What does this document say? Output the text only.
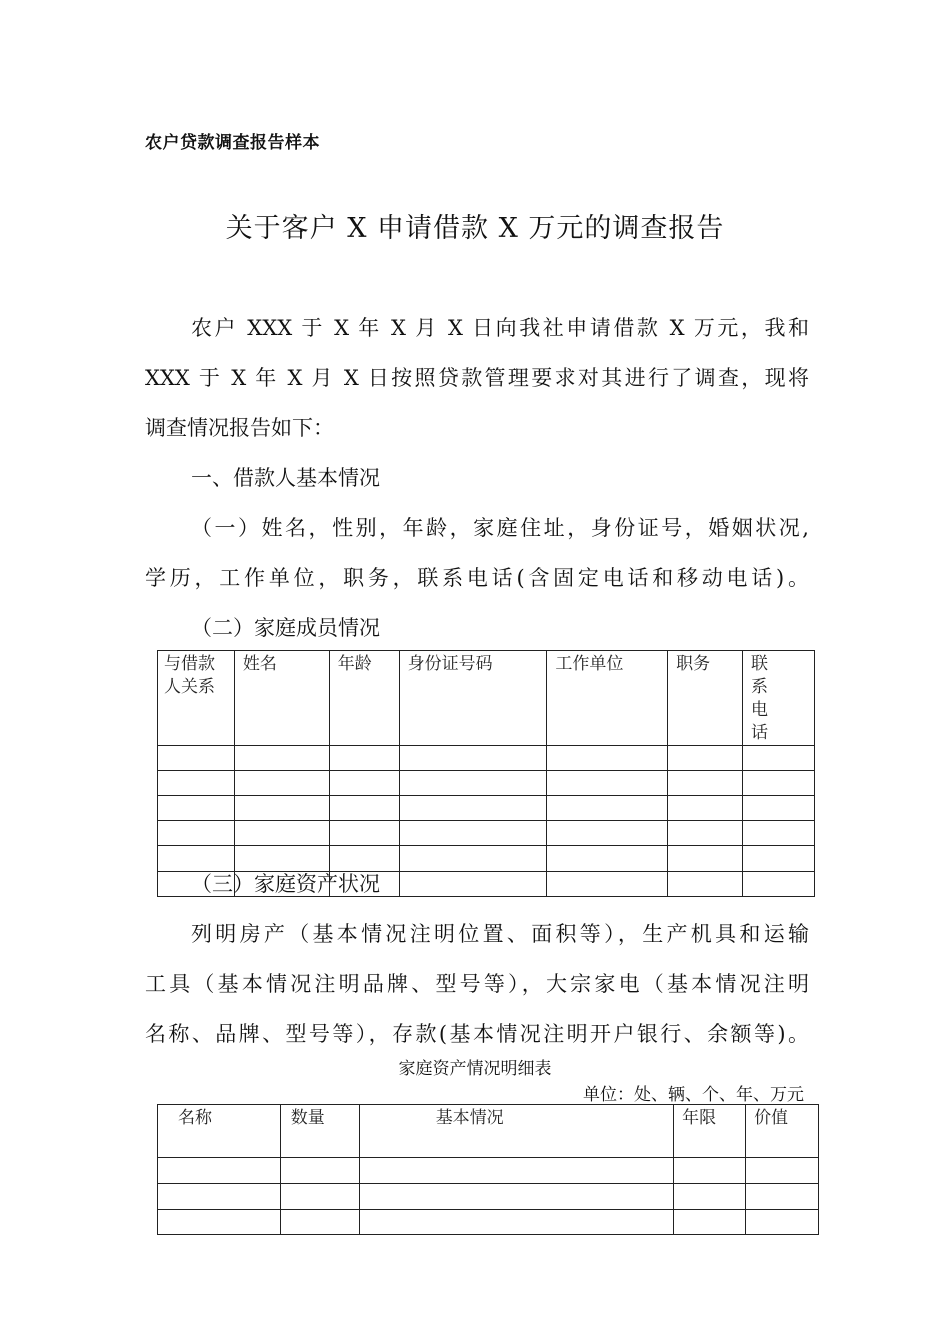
农户贷款调查报告样本
关于客户 X 申请借款 X 万元的调查报告

农户 XXX 于 X 年 X 月 X 日向我社申请借款 X 万元，我和

XXX 于 X 年 X 月 X 日按照贷款管理要求对其进行了调查，现将

调查情况报告如下：

一、借款人基本情况

（一）姓名，性别，年龄，家庭住址，身份证号，婚姻状况,

学历，工作单位，职务，联系电话(含固定电话和移动电话)。

（二）家庭成员情况

与借款
人关系	姓名	年龄	身份证号码	工作单位	职务	联 系
电 话

（三）家庭资产状况

列明房产（基本情况注明位置、面积等），生产机具和运输

工具（基本情况注明品牌、型号等），大宗家电（基本情况注明

名称、品牌、型号等），存款(基本情况注明开户银行、余额等)。

家庭资产情况明细表
单位：处、辆、个、年、万元
名称	数量	基本情况	年限	价值
